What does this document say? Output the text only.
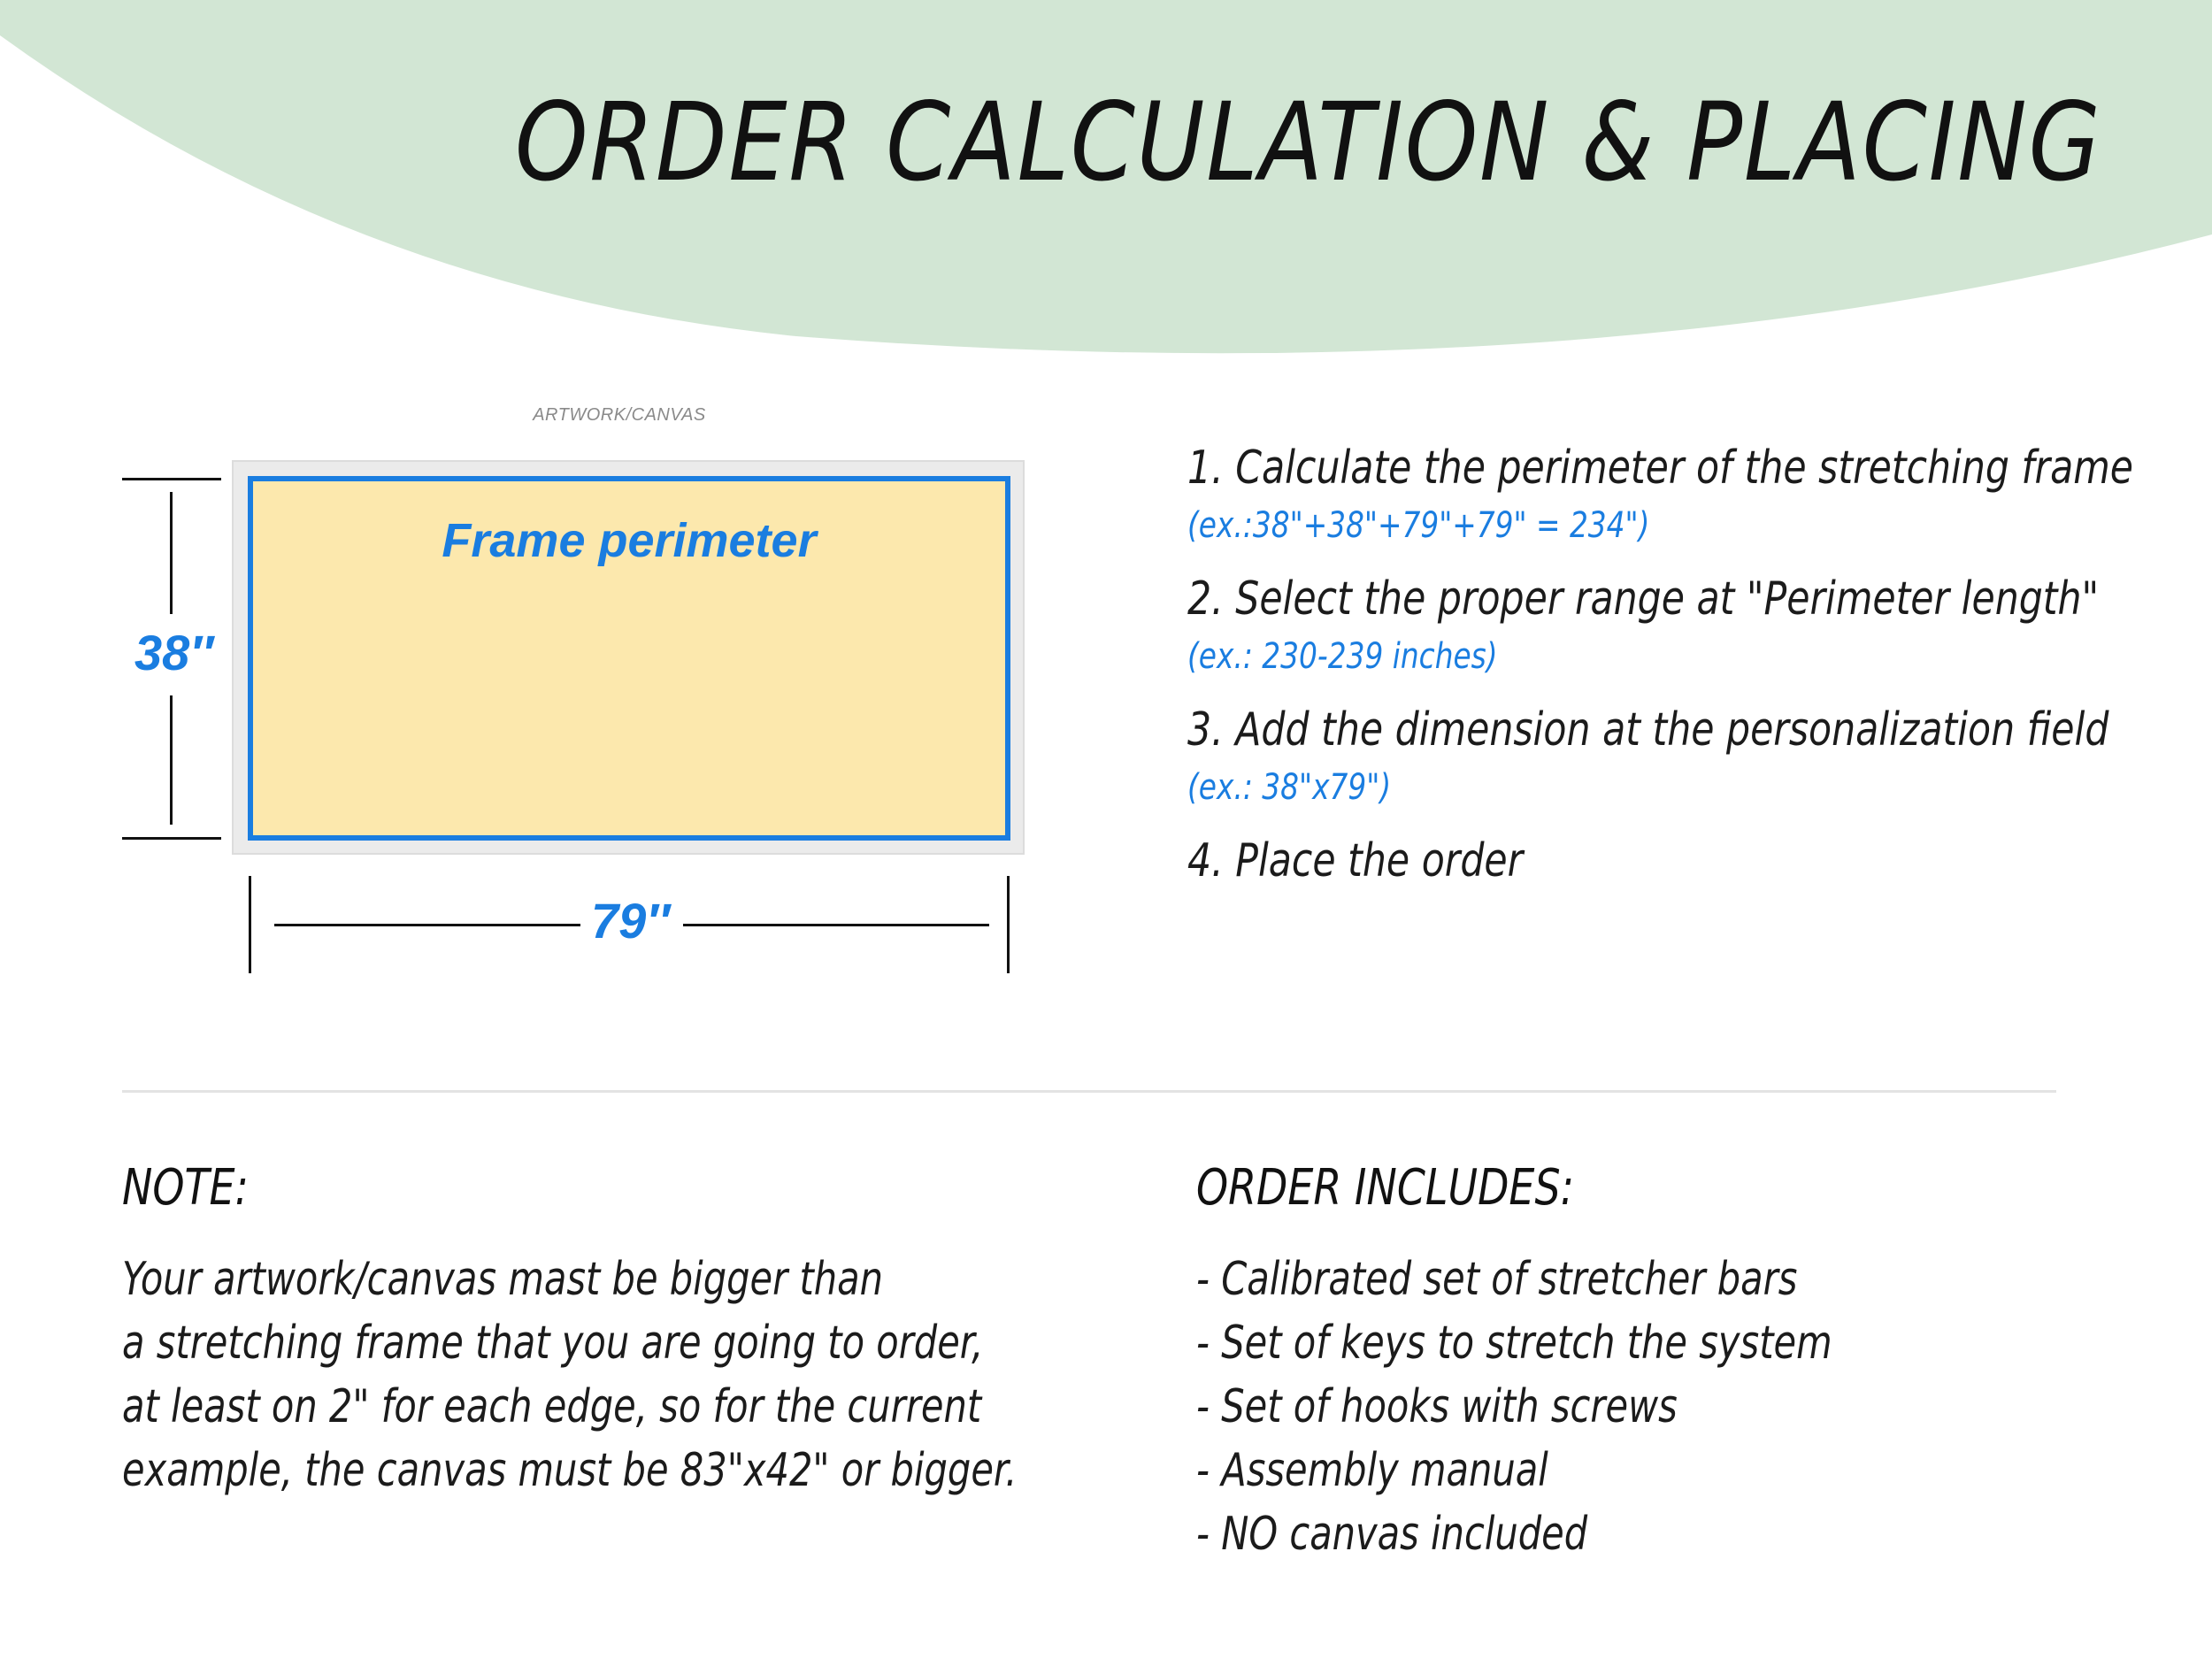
ORDER CALCULATION & PLACING
ARTWORK/CANVAS
Frame perimeter
38″
79″
1. Calculate the perimeter of the stretching frame
(ex.:38"+38"+79"+79" = 234")
2. Select the proper range at "Perimeter length"
(ex.: 230-239 inches)
3. Add the dimension at the personalization field
(ex.: 38"x79")
4. Place the order
NOTE:
Your artwork/canvas mast be bigger than
a stretching frame that you are going to order,
at least on 2" for each edge, so for the current
example, the canvas must be 83"x42" or bigger.
ORDER INCLUDES:
- Calibrated set of stretcher bars
- Set of keys to stretch the system
- Set of hooks with screws
- Assembly manual
- NO canvas included
